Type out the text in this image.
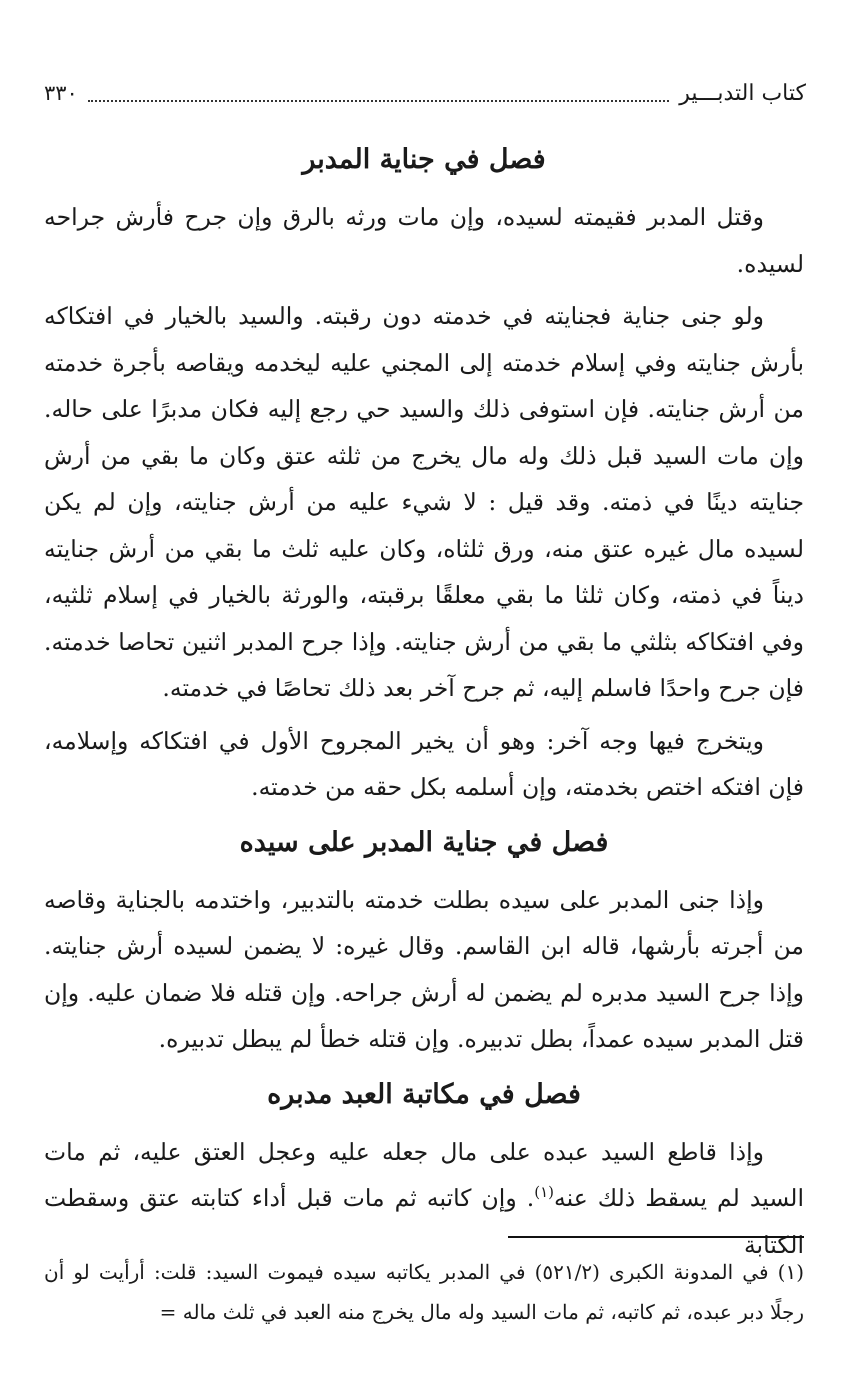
كتاب التدبـــير
٣٣٠
فصل في جناية المدبر

وقتل المدبر فقيمته لسيده، وإن مات ورثه بالرق وإن جرح فأرش جراحه لسيده.

ولو جنى جناية فجنايته في خدمته دون رقبته. والسيد بالخيار في افتكاكه بأرش جنايته وفي إسلام خدمته إلى المجني عليه ليخدمه ويقاصه بأجرة خدمته من أرش جنايته. فإن استوفى ذلك والسيد حي رجع إليه فكان مدبرًا على حاله. وإن مات السيد قبل ذلك وله مال يخرج من ثلثه عتق وكان ما بقي من أرش جنايته دينًا في ذمته. وقد قيل : لا شيء عليه من أرش جنايته، وإن لم يكن لسيده مال غيره عتق منه، ورق ثلثاه، وكان عليه ثلث ما بقي من أرش جنايته ديناً في ذمته، وكان ثلثا ما بقي معلقًا برقبته، والورثة بالخيار في إسلام ثلثيه، وفي افتكاكه بثلثي ما بقي من أرش جنايته. وإذا جرح المدبر اثنين تحاصا خدمته. فإن جرح واحدًا فاسلم إليه، ثم جرح آخر بعد ذلك تحاصًا في خدمته.

ويتخرج فيها وجه آخر: وهو أن يخير المجروح الأول في افتكاكه وإسلامه، فإن افتكه اختص بخدمته، وإن أسلمه بكل حقه من خدمته.

فصل في جناية المدبر على سيده

وإذا جنى المدبر على سيده بطلت خدمته بالتدبير، واختدمه بالجناية وقاصه من أجرته بأرشها، قاله ابن القاسم. وقال غيره: لا يضمن لسيده أرش جنايته. وإذا جرح السيد مدبره لم يضمن له أرش جراحه. وإن قتله فلا ضمان عليه. وإن قتل المدبر سيده عمداً، بطل تدبيره. وإن قتله خطأ لم يبطل تدبيره.

فصل في مكاتبة العبد مدبره

وإذا قاطع السيد عبده على مال جعله عليه وعجل العتق عليه، ثم مات السيد لم يسقط ذلك عنه$^{(١)}$. وإن كاتبه ثم مات قبل أداء كتابته عتق وسقطت الكتابة

(١) في المدونة الكبرى (٥٢١/٢) في المدبر يكاتبه سيده فيموت السيد: قلت: أرأيت لو أن رجلًا دبر عبده، ثم كاتبه، ثم مات السيد وله مال يخرج منه العبد في ثلث ماله =
